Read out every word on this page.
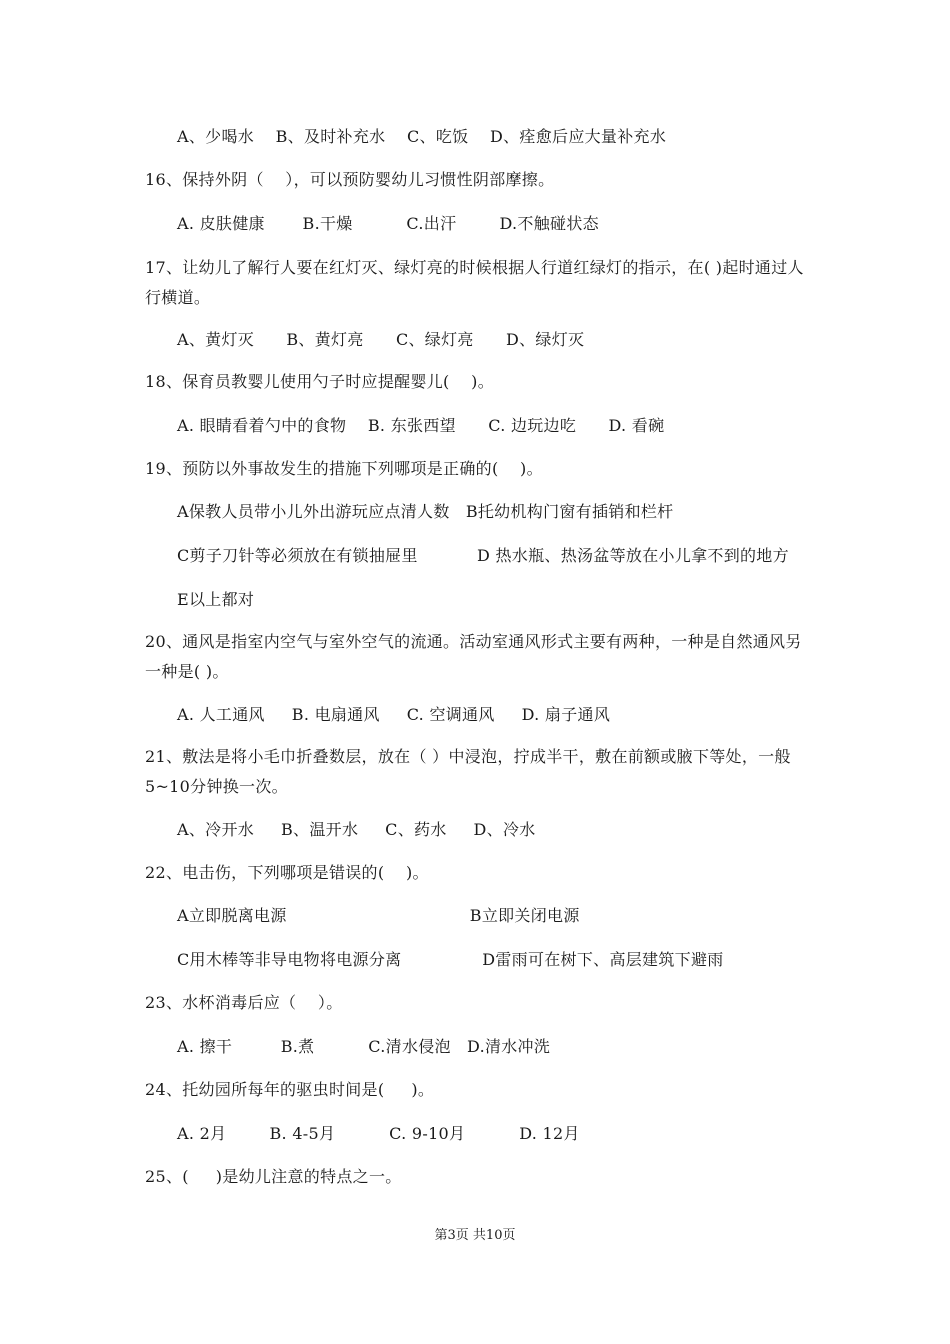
A、少喝水    B、及时补充水    C、吃饭    D、痊愈后应大量补充水
16、保持外阴（    ），可以预防婴幼儿习惯性阴部摩擦。
A. 皮肤健康       B.干燥          C.出汗        D.不触碰状态
17、让幼儿了解行人要在红灯灭、绿灯亮的时候根据人行道红绿灯的指示，在( )起时通过人行横道。
A、黄灯灭      B、黄灯亮      C、绿灯亮      D、绿灯灭
18、保育员教婴儿使用勺子时应提醒婴儿(    )。
A. 眼睛看着勺中的食物    B. 东张西望      C. 边玩边吃      D. 看碗
19、预防以外事故发生的措施下列哪项是正确的(    )。
A保教人员带小儿外出游玩应点清人数   B托幼机构门窗有插销和栏杆
C剪子刀针等必须放在有锁抽屉里           D 热水瓶、热汤盆等放在小儿拿不到的地方
E以上都对
20、通风是指室内空气与室外空气的流通。活动室通风形式主要有两种，一种是自然通风另一种是( )。
A. 人工通风     B. 电扇通风     C. 空调通风     D. 扇子通风
21、敷法是将小毛巾折叠数层，放在（ ）中浸泡，拧成半干，敷在前额或腋下等处，一般5~10分钟换一次。
A、冷开水     B、温开水     C、药水     D、冷水
22、电击伤，下列哪项是错误的(    )。
A立即脱离电源                                  B立即关闭电源
C用木棒等非导电物将电源分离               D雷雨可在树下、高层建筑下避雨
23、水杯消毒后应（    ）。
A. 擦干         B.煮          C.清水侵泡   D.清水冲洗
24、托幼园所每年的驱虫时间是(     )。
A. 2月        B. 4-5月          C. 9-10月          D. 12月
25、(     )是幼儿注意的特点之一。
第3页 共10页
